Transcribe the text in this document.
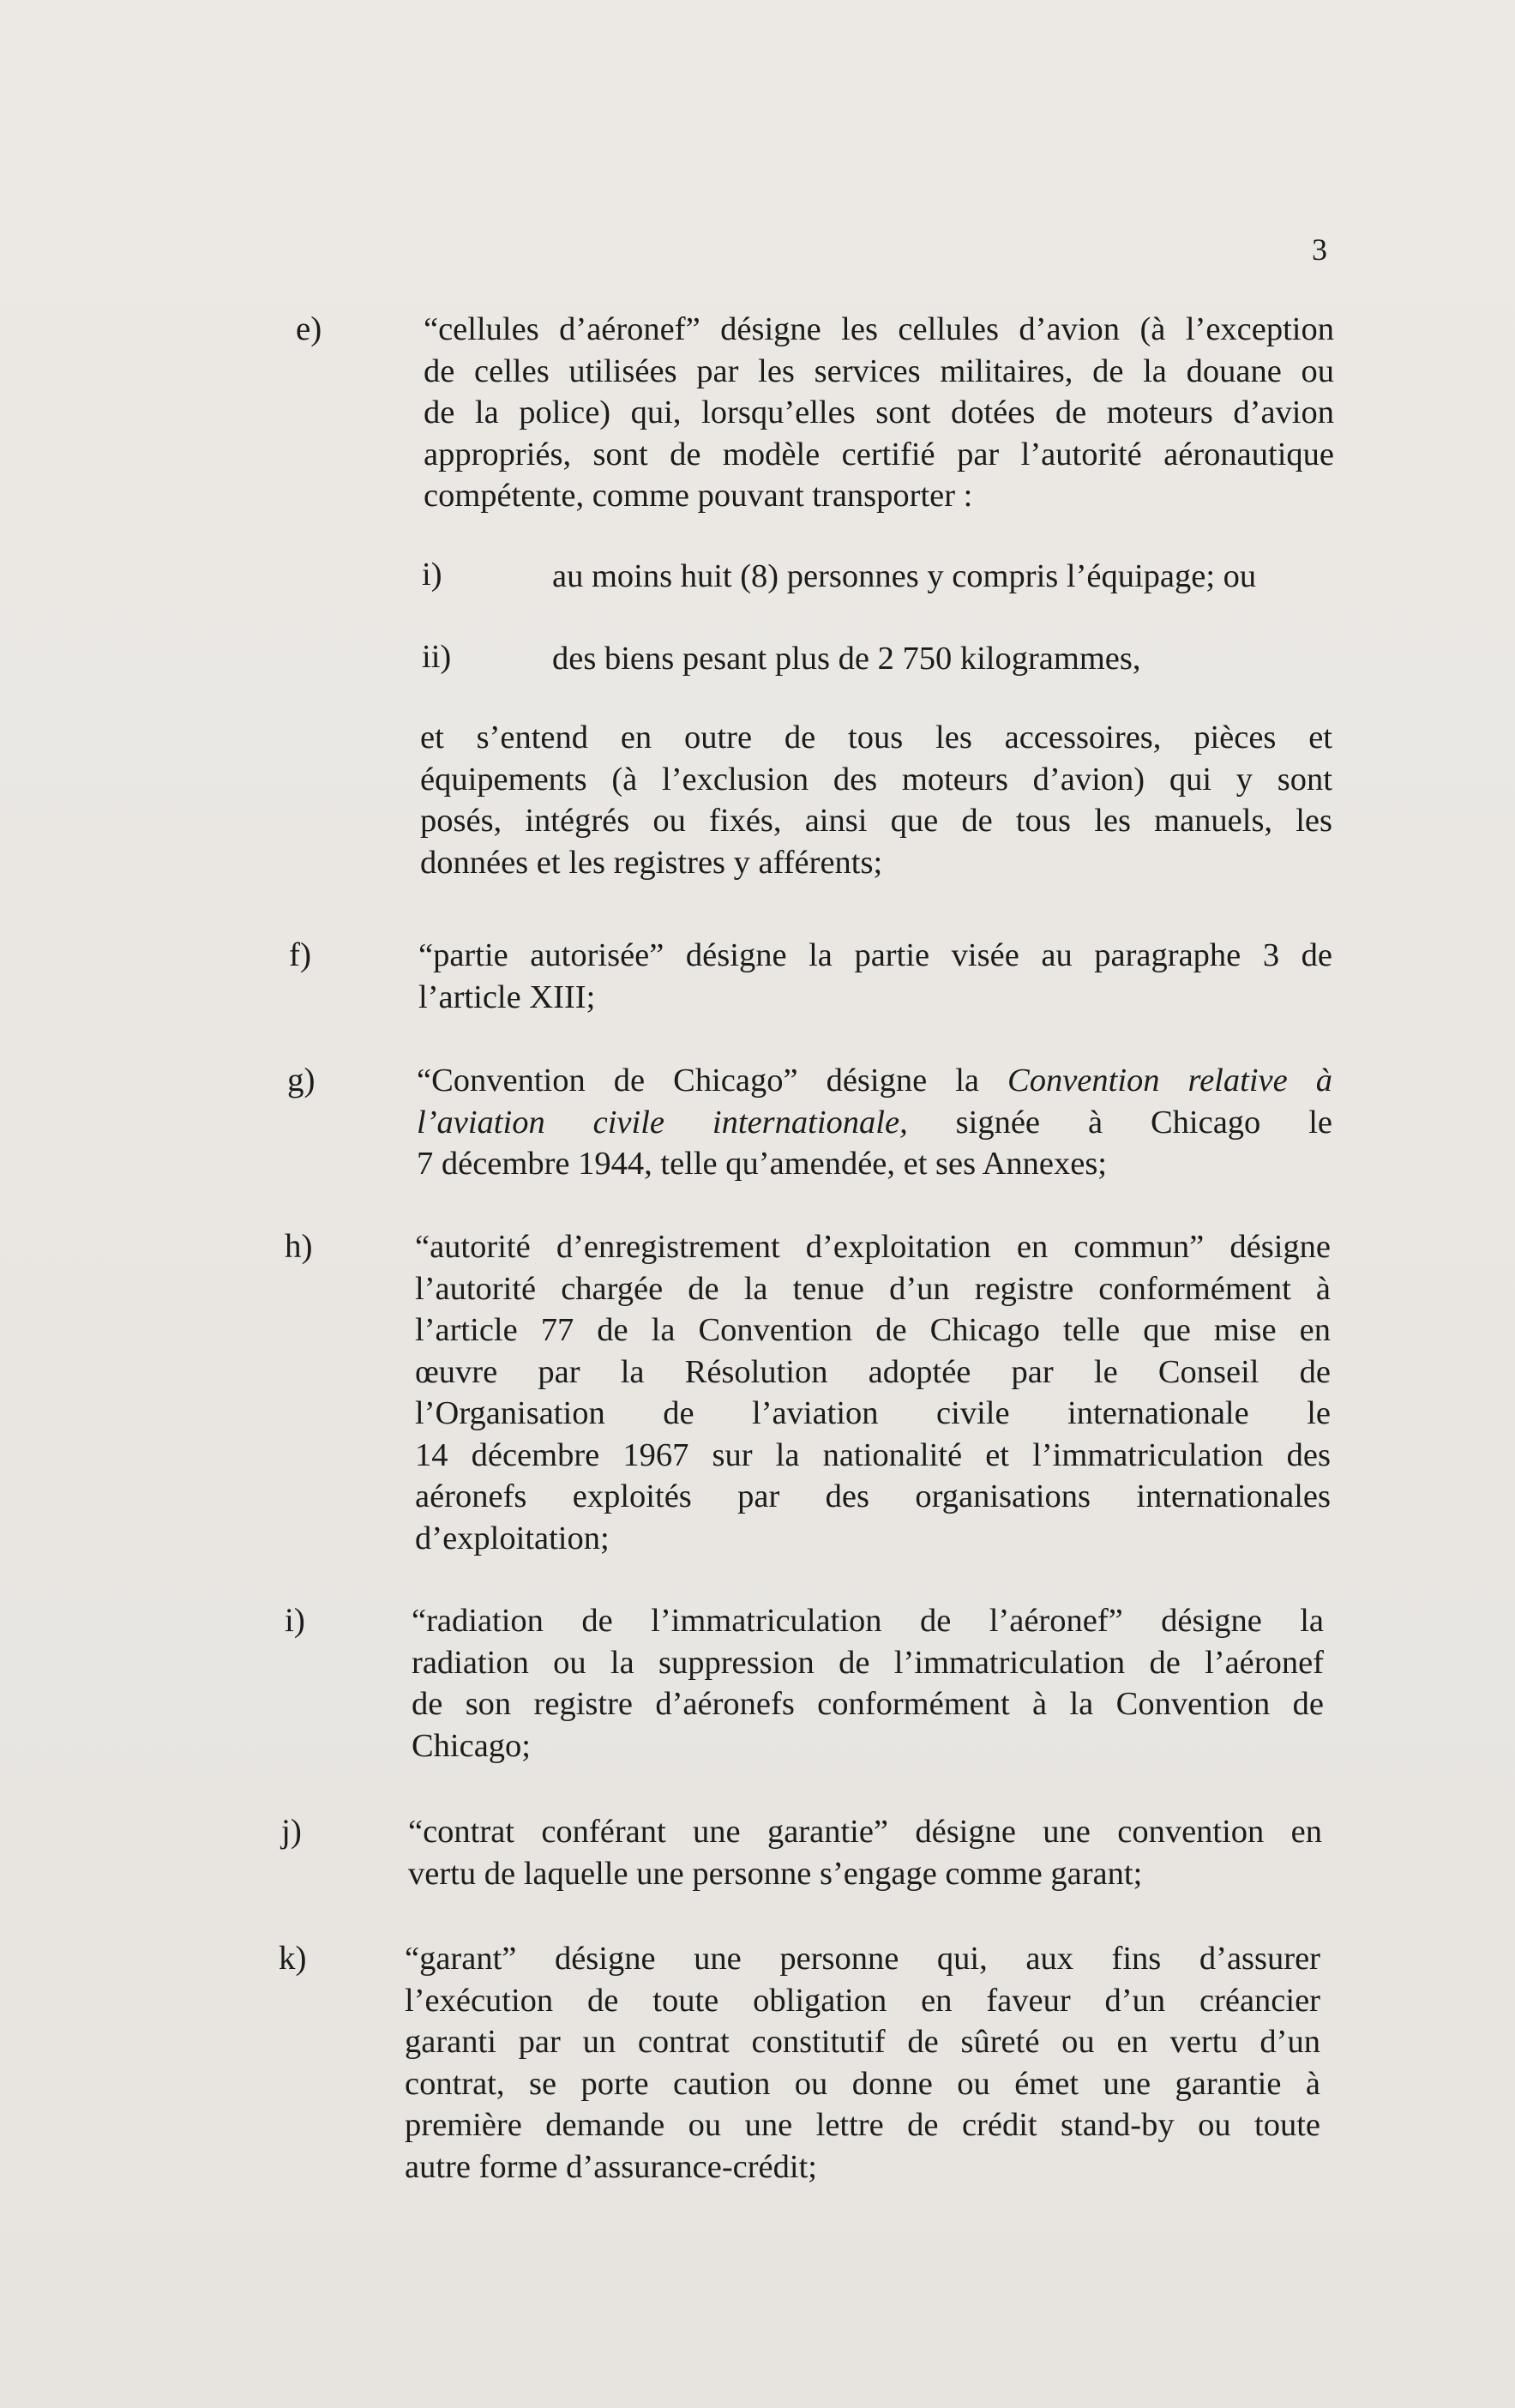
3
e)	“cellules d’aéronef” désigne les cellules d’avion (à l’exception
de celles utilisées par les services militaires, de la douane ou
de la police) qui, lorsqu’elles sont dotées de moteurs d’avion
appropriés, sont de modèle certifié par l’autorité aéronautique
compétente, comme pouvant transporter :
i)	au moins huit (8) personnes y compris l’équipage; ou
ii)	des biens pesant plus de 2 750 kilogrammes,
et s’entend en outre de tous les accessoires, pièces et
équipements (à l’exclusion des moteurs d’avion) qui y sont
posés, intégrés ou fixés, ainsi que de tous les manuels, les
données et les registres y afférents;
f)	“partie autorisée” désigne la partie visée au paragraphe 3 de
l’article XIII;
g)	“Convention de Chicago” désigne la Convention relative à
l’aviation civile internationale, signée à Chicago le
7 décembre 1944, telle qu’amendée, et ses Annexes;
h)	“autorité d’enregistrement d’exploitation en commun” désigne
l’autorité chargée de la tenue d’un registre conformément à
l’article 77 de la Convention de Chicago telle que mise en
œuvre par la Résolution adoptée par le Conseil de
l’Organisation de l’aviation civile internationale le
14 décembre 1967 sur la nationalité et l’immatriculation des
aéronefs exploités par des organisations internationales
d’exploitation;
i)	“radiation de l’immatriculation de l’aéronef” désigne la
radiation ou la suppression de l’immatriculation de l’aéronef
de son registre d’aéronefs conformément à la Convention de
Chicago;
j)	“contrat conférant une garantie” désigne une convention en
vertu de laquelle une personne s’engage comme garant;
k)	“garant” désigne une personne qui, aux fins d’assurer
l’exécution de toute obligation en faveur d’un créancier
garanti par un contrat constitutif de sûreté ou en vertu d’un
contrat, se porte caution ou donne ou émet une garantie à
première demande ou une lettre de crédit stand-by ou toute
autre forme d’assurance-crédit;
